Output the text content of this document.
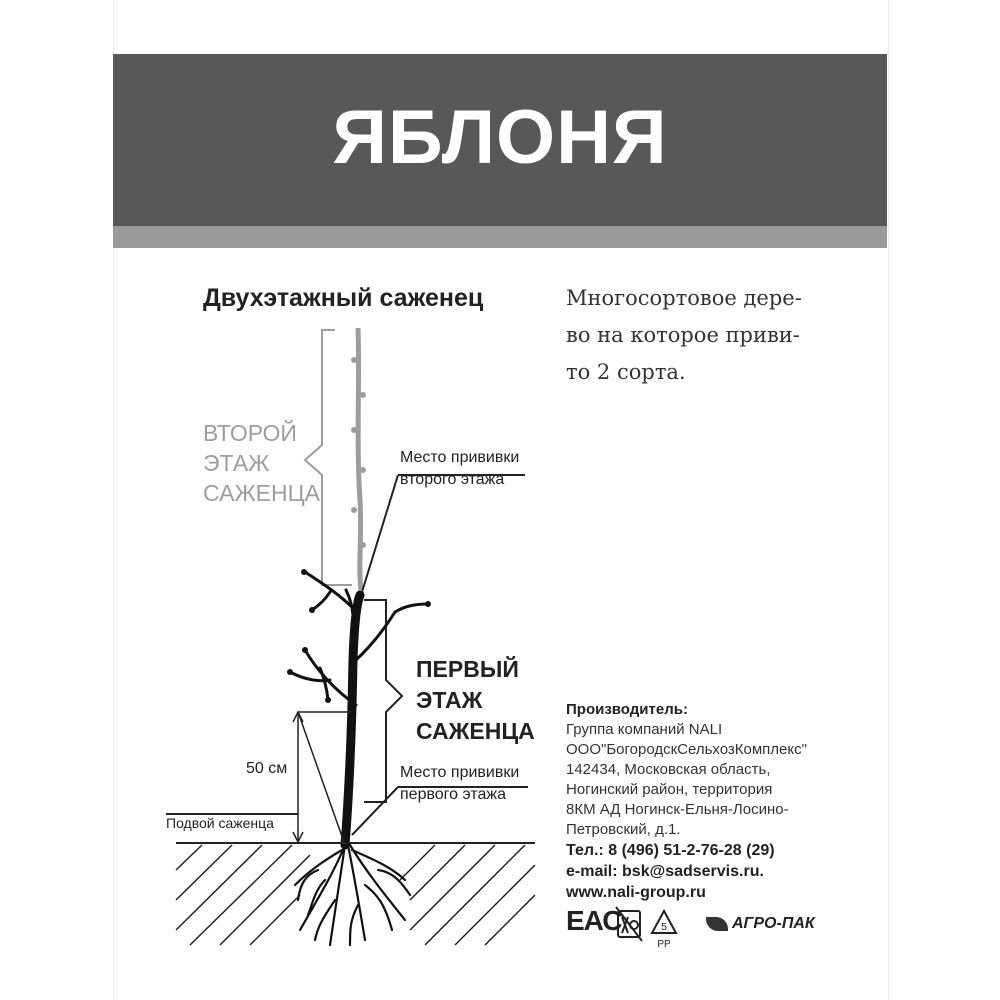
ЯБЛОНЯ
Двухэтажный саженец	Многосортовое дере-
во на которое приви-
то 2 сорта.
ВТОРОЙ
ЭТАЖ
САЖЕНЦА
ПЕРВЫЙ
ЭТАЖ
САЖЕНЦА
Место прививки
второго этажа
Место прививки
первого этажа
50 см
Подвой саженца
Производитель:
Группа компаний NALI
ООО"БогородскСельхозКомплекс"
142434, Московская область,
Ногинский район, территория
8КМ АД Ногинск-Ельня-Лосино-
Петровский, д.1.
Тел.: 8 (496) 51-2-76-28 (29)
e-mail: bsk@sadservis.ru.
www.nali-group.ru
ЕАС	5
PP
АГРО-ПАК
